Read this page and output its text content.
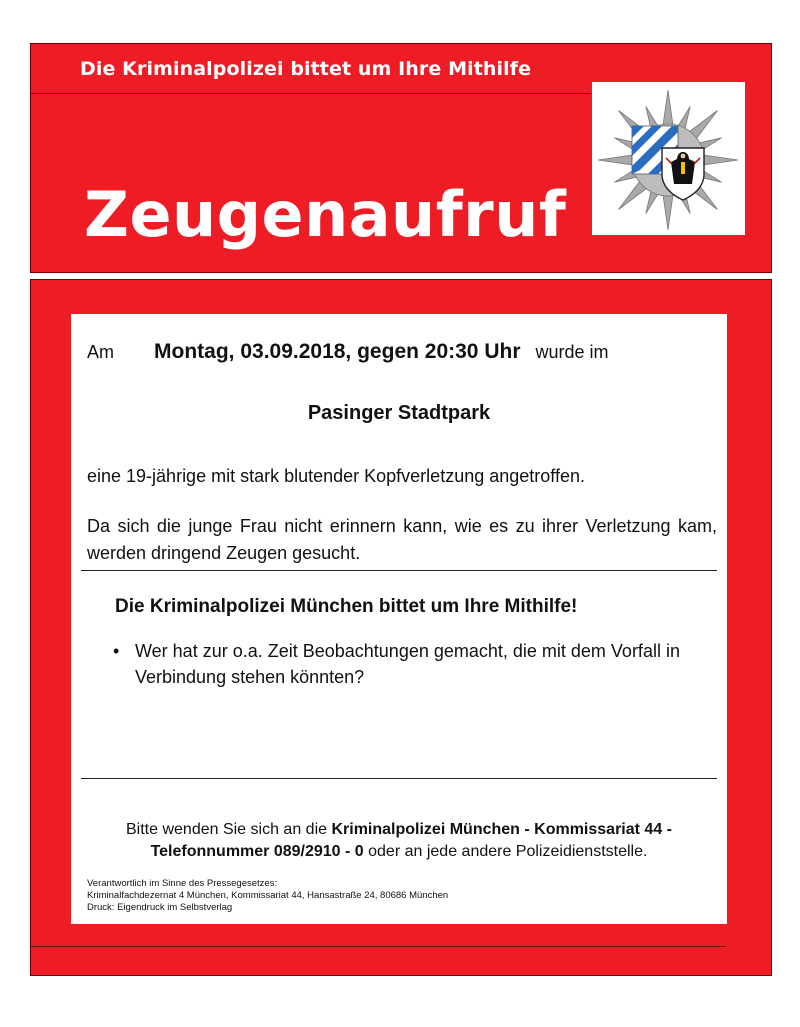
Die Kriminalpolizei bittet um Ihre Mithilfe
Zeugenaufruf
Am Montag, 03.09.2018, gegen 20:30 Uhr wurde im
Pasinger Stadtpark
eine 19-jährige mit stark blutender Kopfverletzung angetroffen.
Da sich die junge Frau nicht erinnern kann, wie es zu ihrer Verletzung kam, werden dringend Zeugen gesucht.
Die Kriminalpolizei München bittet um Ihre Mithilfe!
• Wer hat zur o.a. Zeit Beobachtungen gemacht, die mit dem Vorfall in Verbindung stehen könnten?
Bitte wenden Sie sich an die Kriminalpolizei München - Kommissariat 44 -
Telefonnummer 089/2910 - 0 oder an jede andere Polizeidienststelle.
Verantwortlich im Sinne des Pressegesetzes:
Kriminalfachdezernat 4 München, Kommissariat 44, Hansastraße 24, 80686 München
Druck: Eigendruck im Selbstverlag
